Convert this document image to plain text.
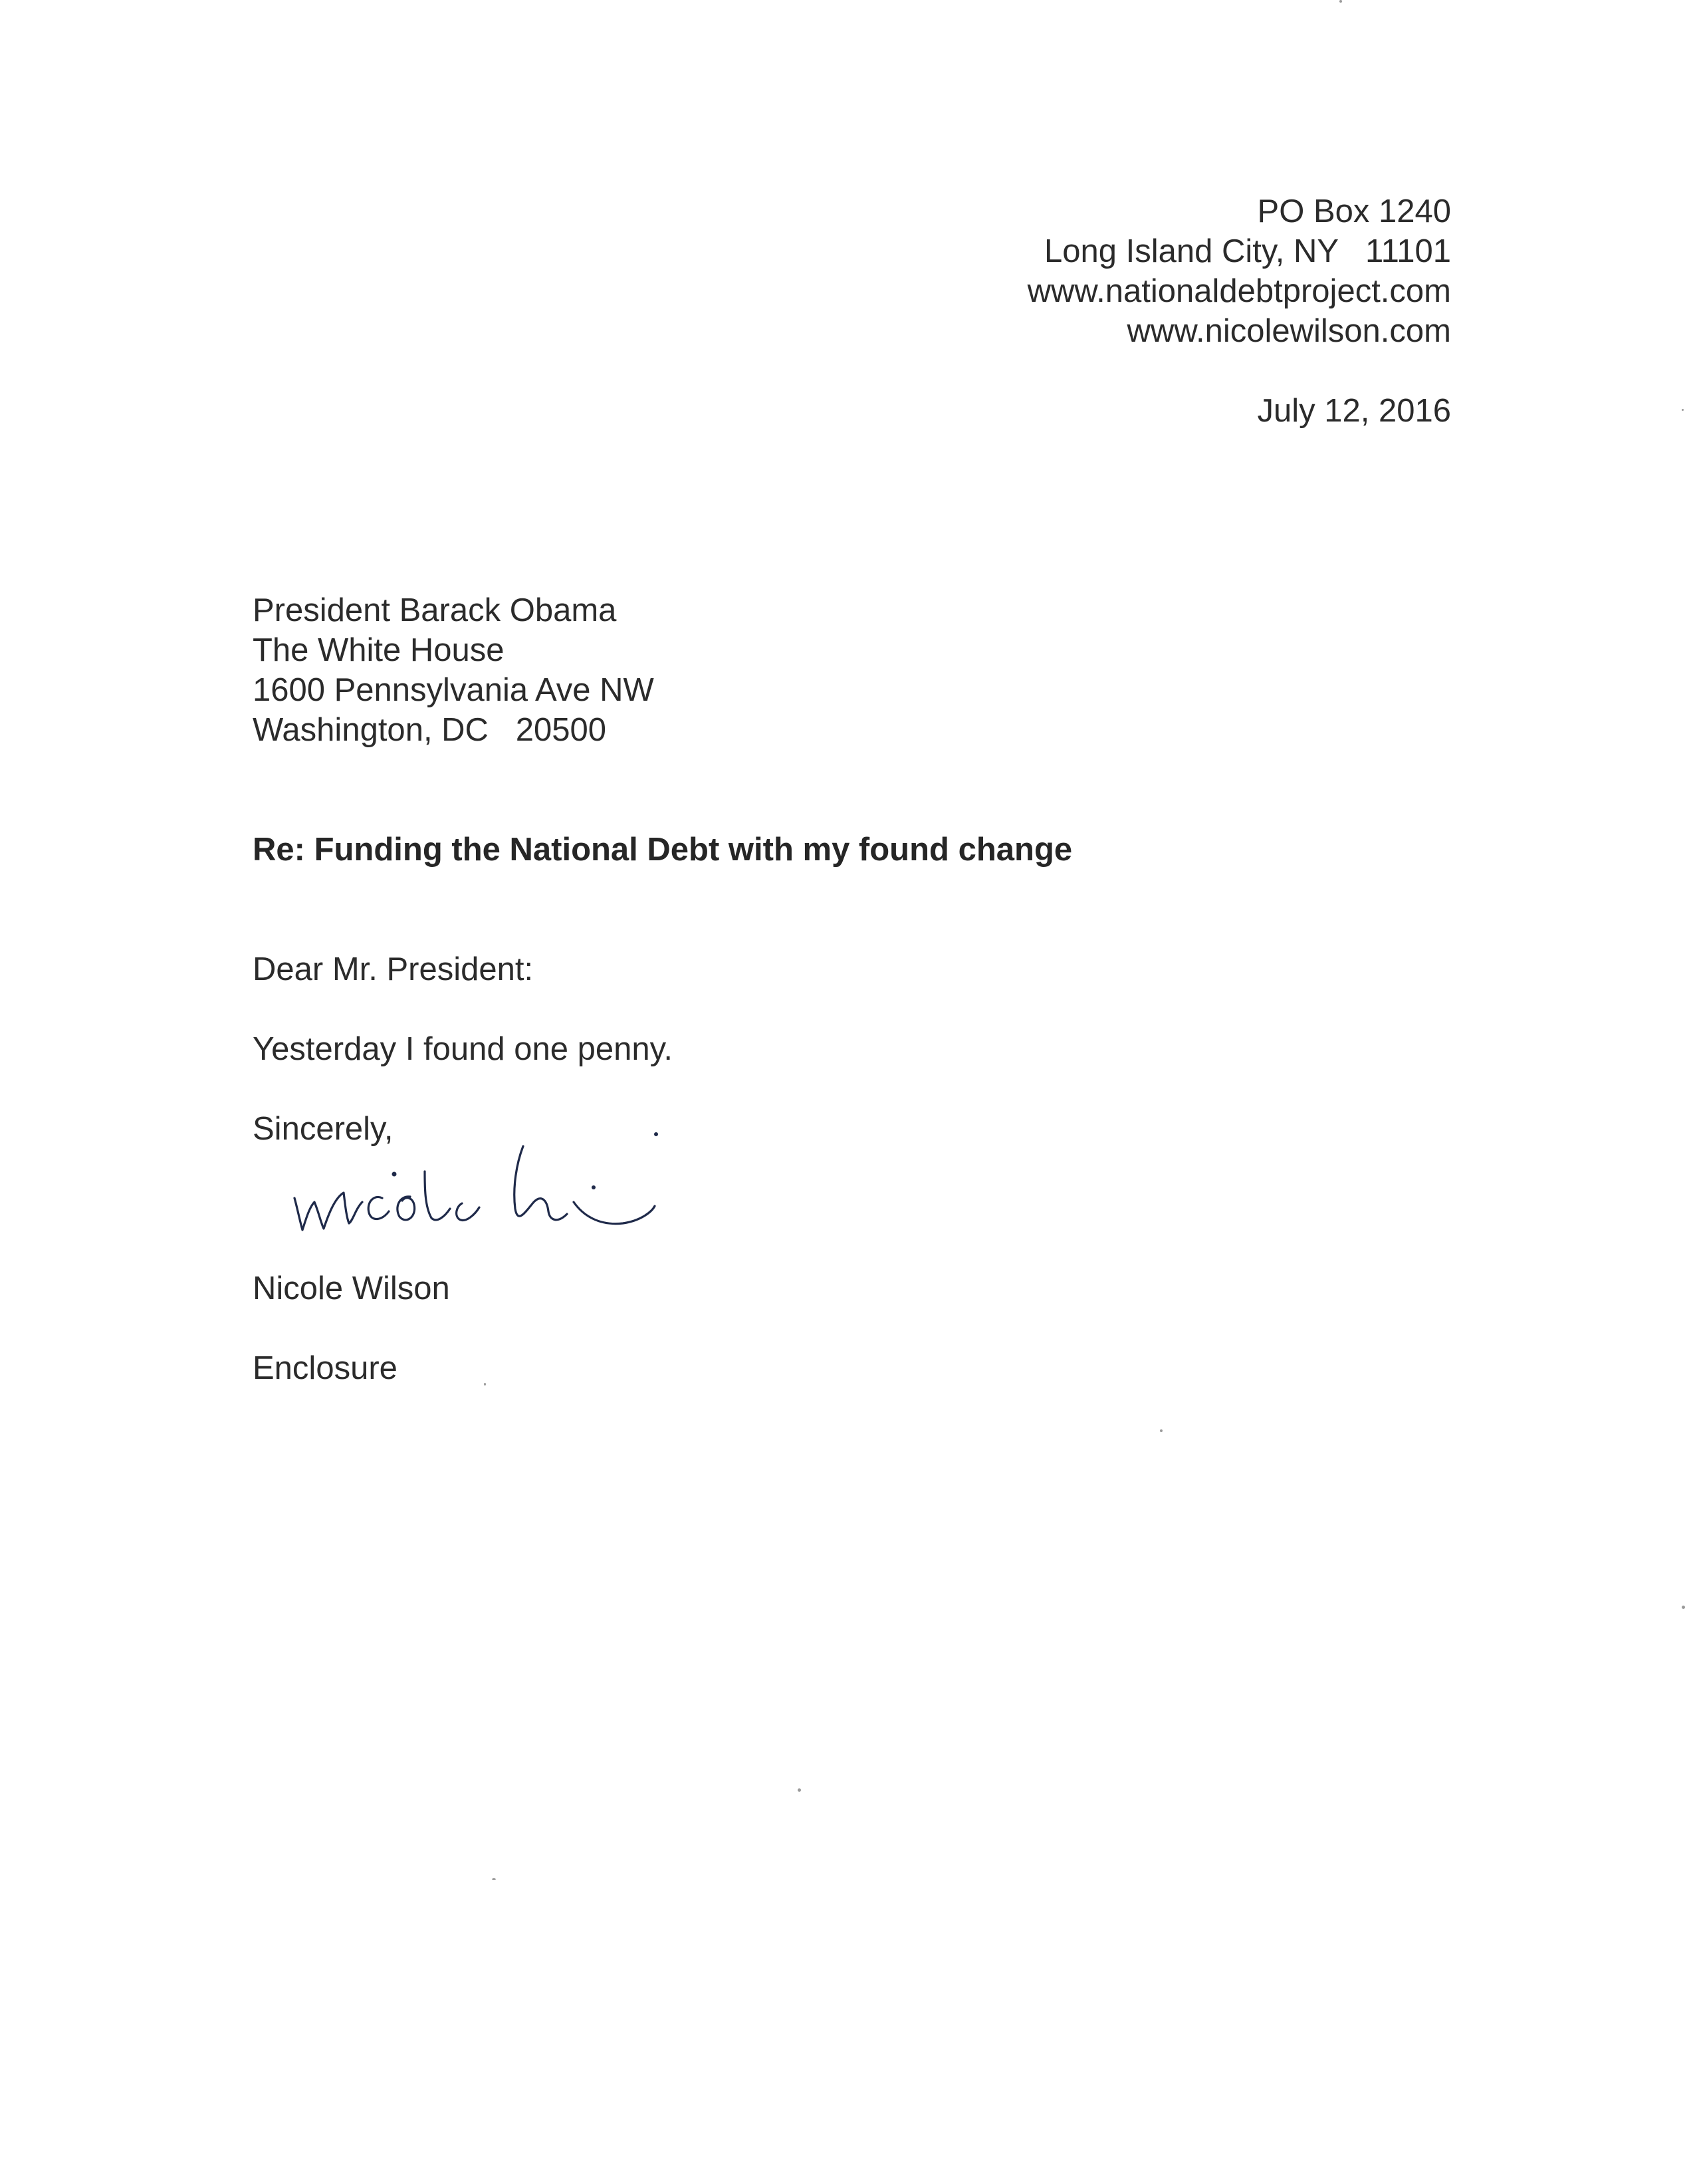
PO Box 1240
Long Island City, NY   11101
www.nationaldebtproject.com
www.nicolewilson.com
July 12, 2016
President Barack Obama
The White House
1600 Pennsylvania Ave NW
Washington, DC   20500
Re: Funding the National Debt with my found change
Dear Mr. President:
Yesterday I found one penny.
Sincerely,
Nicole Wilson
Enclosure
